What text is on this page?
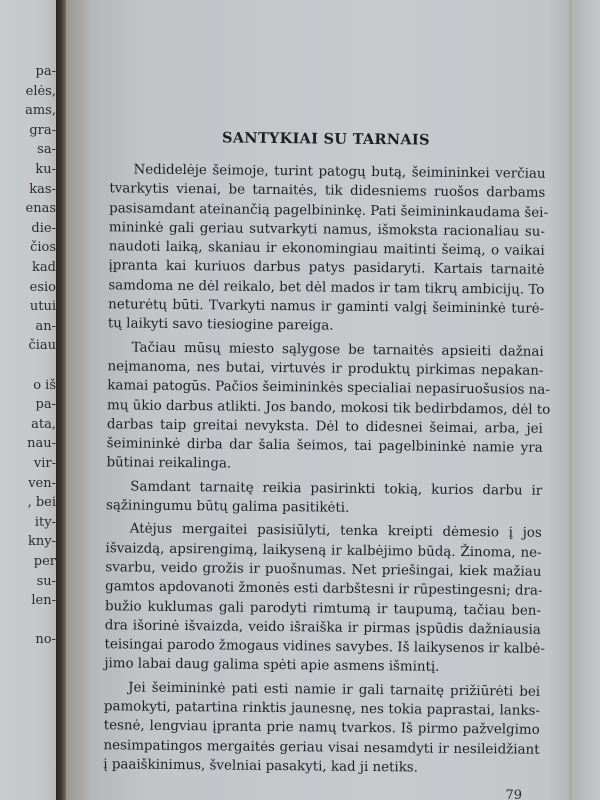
pa-
elės,
ams,
gra-
sa-
ku-
kas-
enas
die-
čios
kad
esio
utui
an-
čiau
o iš
pa-
ata,
nau-
vir-
ven-
, bei
ity-
kny-
per
su-
len-
no-
SANTYKIAI SU TARNAIS
Nedidelėje šeimoje, turint patogų butą, šeimininkei verčiau
tvarkytis vienai, be tarnaitės, tik didesniems ruošos darbams
pasisamdant ateinančią pagelbininkę. Pati šeimininkaudama šei-
mininkė gali geriau sutvarkyti namus, išmoksta racionaliau su-
naudoti laiką, skaniau ir ekonomingiau maitinti šeimą, o vaikai
įpranta kai kuriuos darbus patys pasidaryti. Kartais tarnaitė
samdoma ne dėl reikalo, bet dėl mados ir tam tikrų ambicijų. To
neturėtų būti. Tvarkyti namus ir gaminti valgį šeimininkė turė-
tų laikyti savo tiesiogine pareiga.
Tačiau mūsų miesto sąlygose be tarnaitės apsieiti dažnai
neįmanoma, nes butai, virtuvės ir produktų pirkimas nepakan-
kamai patogūs. Pačios šeimininkės specialiai nepasiruošusios na-
mų ūkio darbus atlikti. Jos bando, mokosi tik bedirbdamos, dėl to
darbas taip greitai nevyksta. Dėl to didesnei šeimai, arba, jei
šeimininkė dirba dar šalia šeimos, tai pagelbininkė namie yra
būtinai reikalinga.
Samdant tarnaitę reikia pasirinkti tokią, kurios darbu ir
sąžiningumu būtų galima pasitikėti.
Atėjus mergaitei pasisiūlyti, tenka kreipti dėmesio į jos
išvaizdą, apsirengimą, laikyseną ir kalbėjimo būdą. Žinoma, ne-
svarbu, veido grožis ir puošnumas. Net priešingai, kiek mažiau
gamtos apdovanoti žmonės esti darbštesni ir rūpestingesni; dra-
bužio kuklumas gali parodyti rimtumą ir taupumą, tačiau ben-
dra išorinė išvaizda, veido išraiška ir pirmas įspūdis dažniausia
teisingai parodo žmogaus vidines savybes. Iš laikysenos ir kalbė-
jimo labai daug galima spėti apie asmens išmintį.
Jei šeimininkė pati esti namie ir gali tarnaitę prižiūrėti bei
pamokyti, patartina rinktis jaunesnę, nes tokia paprastai, lanks-
tesnė, lengviau įpranta prie namų tvarkos. Iš pirmo pažvelgimo
nesimpatingos mergaitės geriau visai nesamdyti ir nesileidžiant
į paaiškinimus, švelniai pasakyti, kad ji netiks.
79
